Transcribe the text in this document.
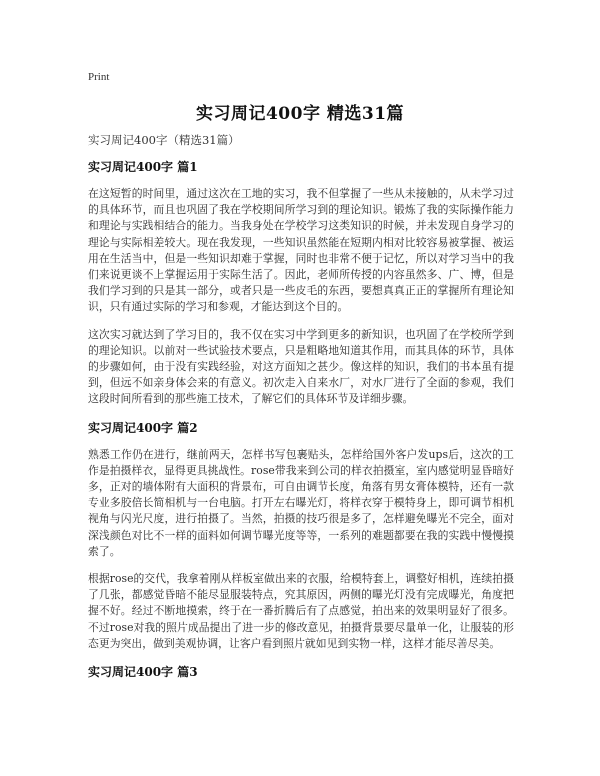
Print
实习周记400字 精选31篇
实习周记400字（精选31篇）
实习周记400字 篇1

在这短暂的时间里，通过这次在工地的实习，我不但掌握了一些从未接触的，从未学习过的具体环节，而且也巩固了我在学校期间所学习到的理论知识。锻炼了我的实际操作能力和理论与实践相结合的能力。当我身处在学校学习这类知识的时候，并未发现自身学习的理论与实际相差较大。现在我发现，一些知识虽然能在短期内相对比较容易被掌握、被运用在生活当中，但是一些知识却难于掌握，同时也非常不便于记忆，所以对学习当中的我们来说更谈不上掌握运用于实际生活了。因此，老师所传授的内容虽然多、广、博，但是我们学习到的只是其一部分，或者只是一些皮毛的东西，要想真真正正的掌握所有理论知识，只有通过实际的学习和参观，才能达到这个目的。

这次实习就达到了学习目的，我不仅在实习中学到更多的新知识，也巩固了在学校所学到的理论知识。以前对一些试验技术要点，只是粗略地知道其作用，而其具体的环节，具体的步骤如何，由于没有实践经验，对这方面知之甚少。像这样的知识，我们的书本虽有提到，但远不如亲身体会来的有意义。初次走入自来水厂，对水厂进行了全面的参观，我们这段时间所看到的那些施工技术，了解它们的具体环节及详细步骤。

实习周记400字 篇2

熟悉工作仍在进行，继前两天，怎样书写包裹贴头，怎样给国外客户发ups后，这次的工作是拍摄样衣，显得更具挑战性。rose带我来到公司的样衣拍摄室，室内感觉明显昏暗好多，正对的墙体附有大面积的背景布，可自由调节长度，角落有男女膏体模特，还有一款专业多胶倍长简相机与一台电脑。打开左右曝光灯，将样衣穿于模特身上，即可调节相机视角与闪光尺度，进行拍摄了。当然，拍摄的技巧很是多了，怎样避免曝光不完全，面对深浅颜色对比不一样的面料如何调节曝光度等等，一系列的难题都要在我的实践中慢慢摸索了。

根据rose的交代，我拿着刚从样板室做出来的衣服，给模特套上，调整好相机，连续拍摄了几张，都感觉昏暗不能尽显服装特点，究其原因，两侧的曝光灯没有完成曝光，角度把握不好。经过不断地摸索，终于在一番折腾后有了点感觉，拍出来的效果明显好了很多。不过rose对我的照片成品提出了进一步的修改意见，拍摄背景要尽量单一化，让服装的形态更为突出，做到美观协调，让客户看到照片就如见到实物一样，这样才能尽善尽美。

实习周记400字 篇3
